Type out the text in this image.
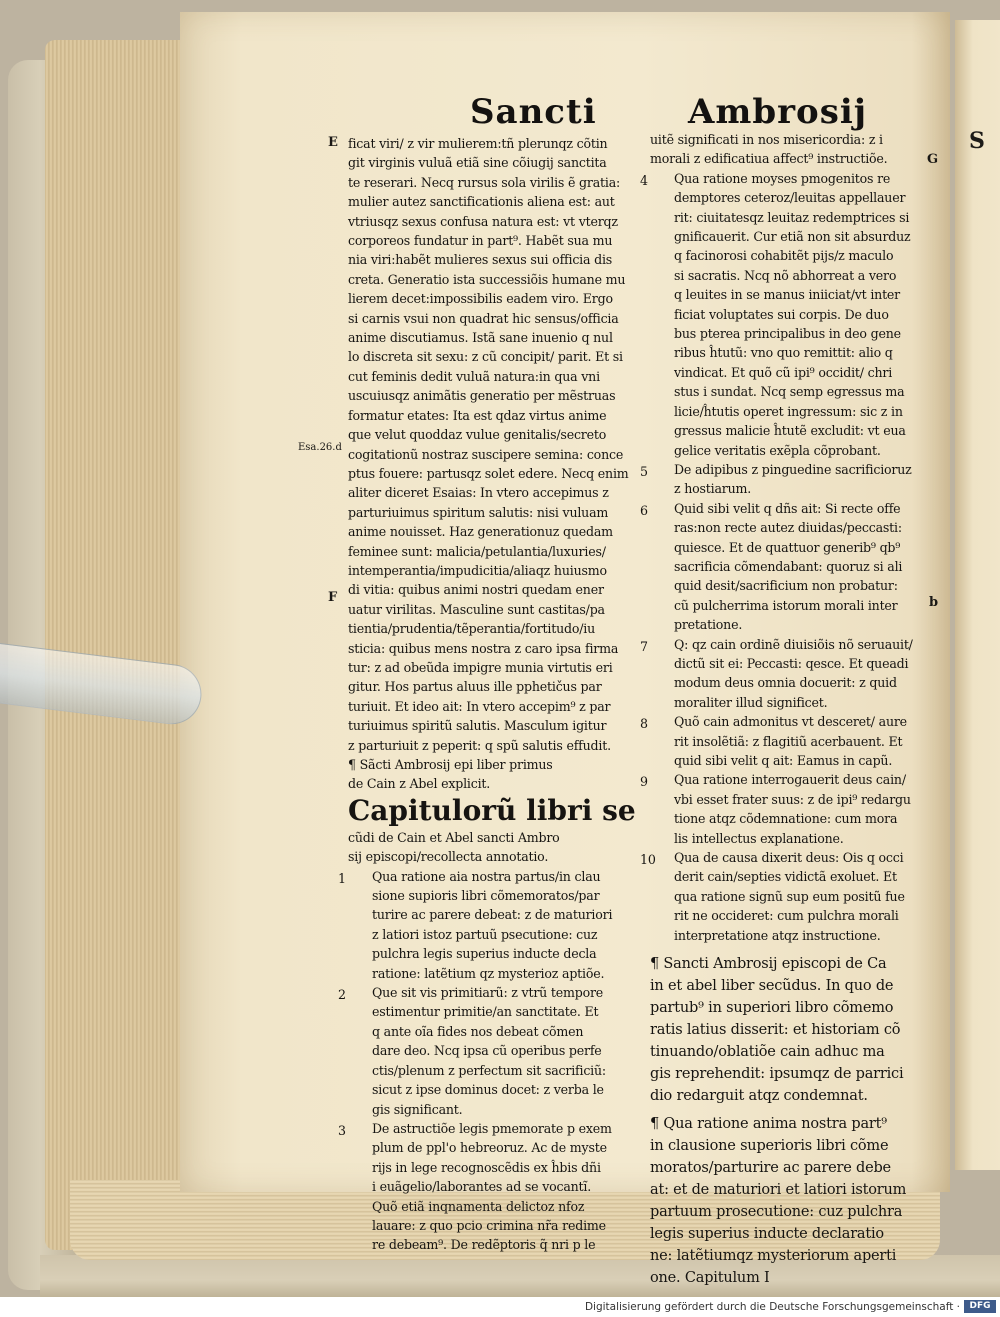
S
Sancti	Ambrosij
E
Esa.26.d
F
G
b

ficat viri/ z vir mulierem:tñ plerunqz cõtin

git virginis vuluã etiã sine cõiugij sanctita

te reserari. Necq rursus sola virilis ẽ gratia:

mulier autez sanctificationis aliena est: aut

vtriusqz sexus confusa natura est: vt vterqz

corporeos fundatur in part⁹. Habẽt sua mu

nia viri:habẽt mulieres sexus sui officia dis

creta. Generatio ista successiõis humane mu

lierem decet:impossibilis eadem viro. Ergo

si carnis vsui non quadrat hic sensus/officia

anime discutiamus. Istã sane inuenio q nul

lo discreta sit sexu: z cũ concipit/ parit. Et si

cut feminis dedit vuluã natura:in qua vni

uscuiusqz animãtis generatio per mẽstruas

formatur etates: Ita est qdaz virtus anime

que velut quoddaz vulue genitalis/secreto

cogitationũ nostraz suscipere semina: conce

ptus fouere: partusqz solet edere. Necq enim

aliter diceret Esaias: In vtero accepimus z

parturiuimus spiritum salutis: nisi vuluam

anime nouisset. Haz generationuz quedam

feminee sunt: malicia/petulantia/luxuries/

intemperantia/impudicitia/aliaqz huiusmo

di vitia: quibus animi nostri quedam ener

uatur virilitas. Masculine sunt castitas/pa

tientia/prudentia/tẽperantia/fortitudo/iu

sticia: quibus mens nostra z caro ipsa firma

tur: z ad obeũda impigre munia virtutis eri

gitur. Hos partus aluus ille pphetičus par

turiuit. Et ideo ait: In vtero accepim⁹ z par

turiuimus spiritũ salutis. Masculum igitur

z parturiuit z peperit: q spũ salutis effudit.

¶ Sãcti Ambrosij epi liber primus

de Cain z Abel explicit.

Capitulorũ libri se

cũdi de Cain et Abel sancti Ambro

sij episcopi/recollecta annotatio.

1 Qua ratione aia nostra partus/in clau

sione supioris libri cõmemoratos/par

turire ac parere debeat: z de maturiori

z latiori istoz partuũ psecutione: cuz

pulchra legis superius inducte decla

ratione: latẽtium qz mysterioz aptiõe.

2 Que sit vis primitiarũ: z vtrũ tempore

estimentur primitie/an sanctitate. Et

q ante oĩa fides nos debeat cõmen

dare deo. Ncq ipsa cũ operibus perfe

ctis/plenum z perfectum sit sacrificiũ:

sicut z ipse dominus docet: z verba le

gis significant.

3 De astructiõe legis pmemorate p exem

plum de ppl'o hebreoruz. Ac de myste

rijs in lege recognoscẽdis ex ĥbis dñi

i euãgelio/laborantes ad se vocantĩ.

Quõ etiã inqnamenta delictoz nfoz

lauare: z quo pcio crimina nr̃a redime

re debeam⁹. De redẽptoris q̃ nri p le

uitẽ significati in nos misericordia: z i

morali z edificatiua affect⁹ instructiõe.

4 Qua ratione moyses pmogenitos re

demptores ceteroz/leuitas appellauer

rit: ciuitatesqz leuitaz redemptrices si

gnificauerit. Cur etiã non sit absurduz

q facinorosi cohabitẽt pijs/z maculo

si sacratis. Ncq nõ abhorreat a vero

q leuites in se manus iniiciat/vt inter

ficiat voluptates sui corpis. De duo

bus pterea principalibus in deo gene

ribus ĥtutũ: vno quo remittit: alio q

vindicat. Et quõ cũ ipi⁹ occidit/ chri

stus i sundat. Ncq semp egressus ma

licie/ĥtutis operet ingressum: sic z in

gressus malicie ĥtutẽ excludit: vt eua

gelice veritatis exẽpla cõprobant.

5 De adipibus z pinguedine sacrificioruz

z hostiarum.

6 Quid sibi velit q dñs ait: Si recte offe

ras:non recte autez diuidas/peccasti:

quiesce. Et de quattuor generib⁹ qb⁹

sacrificia cõmendabant: quoruz si ali

quid desit/sacrificium non probatur:

cũ pulcherrima istorum morali inter

pretatione.

7 Q: qz cain ordinẽ diuisiõis nõ seruauit/

dictũ sit ei: Peccasti: qesce. Et queadi

modum deus omnia docuerit: z quid

moraliter illud significet.

8 Quõ cain admonitus vt desceret/ aure

rit insolẽtiã: z flagitiũ acerbauent. Et

quid sibi velit q ait: Eamus in capũ.

9 Qua ratione interrogauerit deus cain/

vbi esset frater suus: z de ipi⁹ redargu

tione atqz cõdemnatione: cum mora

lis intellectus explanatione.

10 Qua de causa dixerit deus: Ois q occi

derit cain/septies vidictã exoluet. Et

qua ratione signũ sup eum positũ fue

rit ne occideret: cum pulchra morali

interpretatione atqz instructione.

¶ Sancti Ambrosij episcopi de Ca

in et abel liber secũdus. In quo de

partub⁹ in superiori libro cõmemo

ratis latius disserit: et historiam cõ

tinuando/oblatiõe cain adhuc ma

gis reprehendit: ipsumqz de parrici

dio redarguit atqz condemnat.

¶ Qua ratione anima nostra part⁹

in clausione superioris libri cõme

moratos/parturire ac parere debe

at: et de maturiori et latiori istorum

partuum prosecutione: cuz pulchra

legis superius inducte declaratio

ne: latẽtiumqz mysteriorum aperti

one. Capitulum I

Digitalisierung gefördert durch die Deutsche Forschungsgemeinschaft ·	DFG
